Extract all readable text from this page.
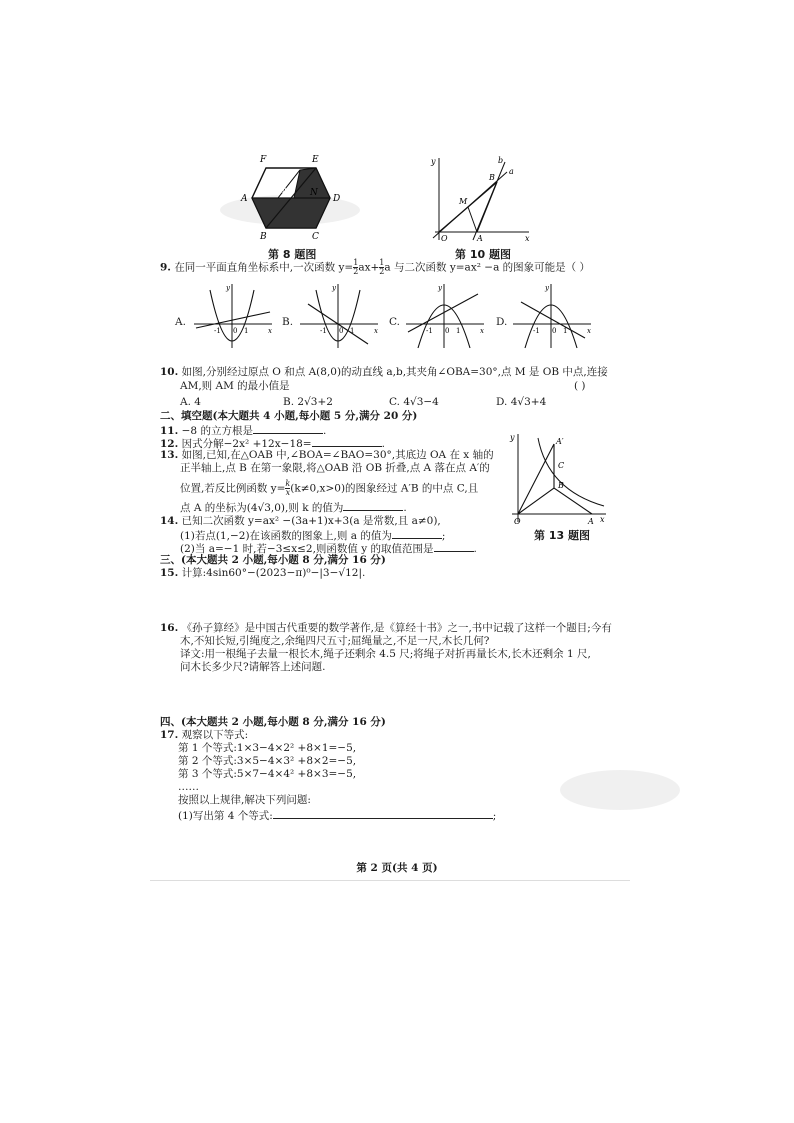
F	E
A
M N
D
B	C
第 8 题图
y	b
a
B
M
O	A	x
第 10 题图
9. 在同一平面直角坐标系中,一次函数 $y= \frac{1}{2} ax+ \frac{1}{2}$ a 与二次函数 y=ax² −a 的图象可能是（ ）
A.	B.	C.	D.
y
x
-1 0 1
y
x
-1 0 1
y
x
-1 0 1
y
x
-1 0 1
10. 如图,分别经过原点 O 和点 A(8,0)的动直线 a,b,其夹角∠OBA=30°,点 M 是 OB 中点,连接
AM,则 AM 的最小值是	( )
A. 4	B. 2√3+2	C. 4√3−4	D. 4√3+4
二、填空题(本大题共 4 小题,每小题 5 分,满分 20 分)
11. −8 的立方根是	.
12. 因式分解−2x² +12x−18=	.
13. 如图,已知,在△OAB 中,∠BOA=∠BAO=30°,其底边 OA 在 x 轴的
正半轴上,点 B 在第一象限,将△OAB 沿 OB 折叠,点 A 落在点 A′的
位置,若反比例函数 $y= \frac{k}{x} (k\ne 0,x>0)$的图象经过 A′B 的中点 C,且
点 A 的坐标为(4√3,0),则 k 的值为	.
y	A′
C
B
O	A x
第 13 题图
14. 已知二次函数 y=ax² −(3a+1)x+3(a 是常数,且 a≠0),
(1)若点(1,−2)在该函数的图象上,则 a 的值为	;
(2)当 a=−1 时,若−3≤x≤2,则函数值 y 的取值范围是	.
三、(本大题共 2 小题,每小题 8 分,满分 16 分)
15. 计算:4sin60°−(2023−π)⁰−|3−√12|.
16. 《孙子算经》是中国古代重要的数学著作,是《算经十书》之一,书中记载了这样一个题目;今有
木,不知长短,引绳度之,余绳四尺五寸;屈绳量之,不足一尺,木长几何?
译文:用一根绳子去量一根长木,绳子还剩余 4.5 尺;将绳子对折再量长木,长木还剩余 1 尺,
问木长多少尺?请解答上述问题.
四、(本大题共 2 小题,每小题 8 分,满分 16 分)
17. 观察以下等式:
第 1 个等式:1×3−4×2² +8×1=−5,
第 2 个等式:3×5−4×3² +8×2=−5,
第 3 个等式:5×7−4×4² +8×3=−5,
……
按照以上规律,解决下列问题:
(1)写出第 4 个等式:	;
第 2 页(共 4 页)
